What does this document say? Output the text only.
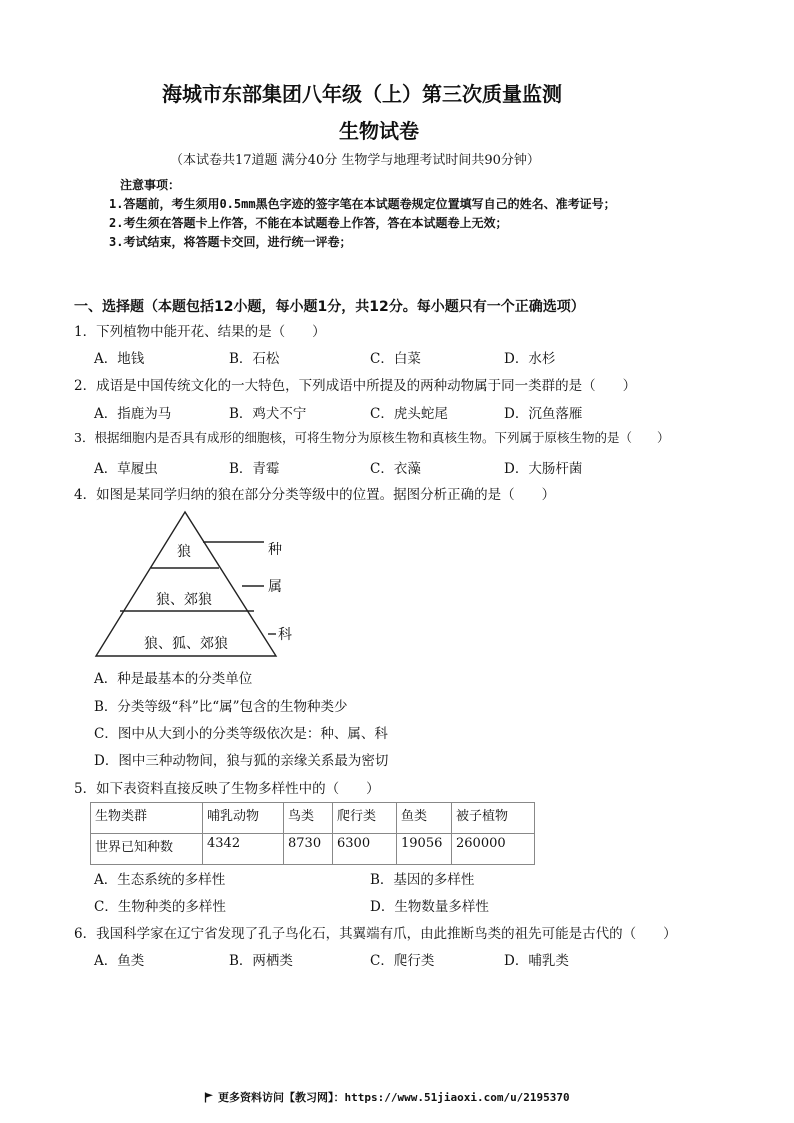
海城市东部集团八年级（上）第三次质量监测
生物试卷
（本试卷共17道题 满分40分 生物学与地理考试时间共90分钟）
注意事项：
1.答题前，考生须用0.5mm黑色字迹的签字笔在本试题卷规定位置填写自己的姓名、准考证号；
2.考生须在答题卡上作答，不能在本试题卷上作答，答在本试题卷上无效；
3.考试结束，将答题卡交回，进行统一评卷；
一、选择题（本题包括12小题，每小题1分，共12分。每小题只有一个正确选项）
1．下列植物中能开花、结果的是（　　）
A．地钱	B．石松	C．白菜	D．水杉
2．成语是中国传统文化的一大特色，下列成语中所提及的两种动物属于同一类群的是（　　）
A．指鹿为马	B．鸡犬不宁	C．虎头蛇尾	D．沉鱼落雁
3．根据细胞内是否具有成形的细胞核，可将生物分为原核生物和真核生物。下列属于原核生物的是（　　）
A．草履虫	B．青霉	C．衣藻	D．大肠杆菌
4．如图是某同学归纳的狼在部分分类等级中的位置。据图分析正确的是（　　）
狼
狼、郊狼
狼、狐、郊狼
种
属
科
A．种是最基本的分类单位
B．分类等级“科”比“属”包含的生物种类少
C．图中从大到小的分类等级依次是：种、属、科
D．图中三种动物间，狼与狐的亲缘关系最为密切
5．如下表资料直接反映了生物多样性中的（　　）
生物类群	哺乳动物	鸟类	爬行类	鱼类	被子植物
世界已知种数	4342	8730	6300	19056	260000
A．生态系统的多样性	B．基因的多样性
C．生物种类的多样性	D．生物数量多样性
6．我国科学家在辽宁省发现了孔子鸟化石，其翼端有爪，由此推断鸟类的祖先可能是古代的（　　）
A．鱼类	B．两栖类	C．爬行类	D．哺乳类
更多资料访问【教习网】：https://www.51jiaoxi.com/u/2195370
